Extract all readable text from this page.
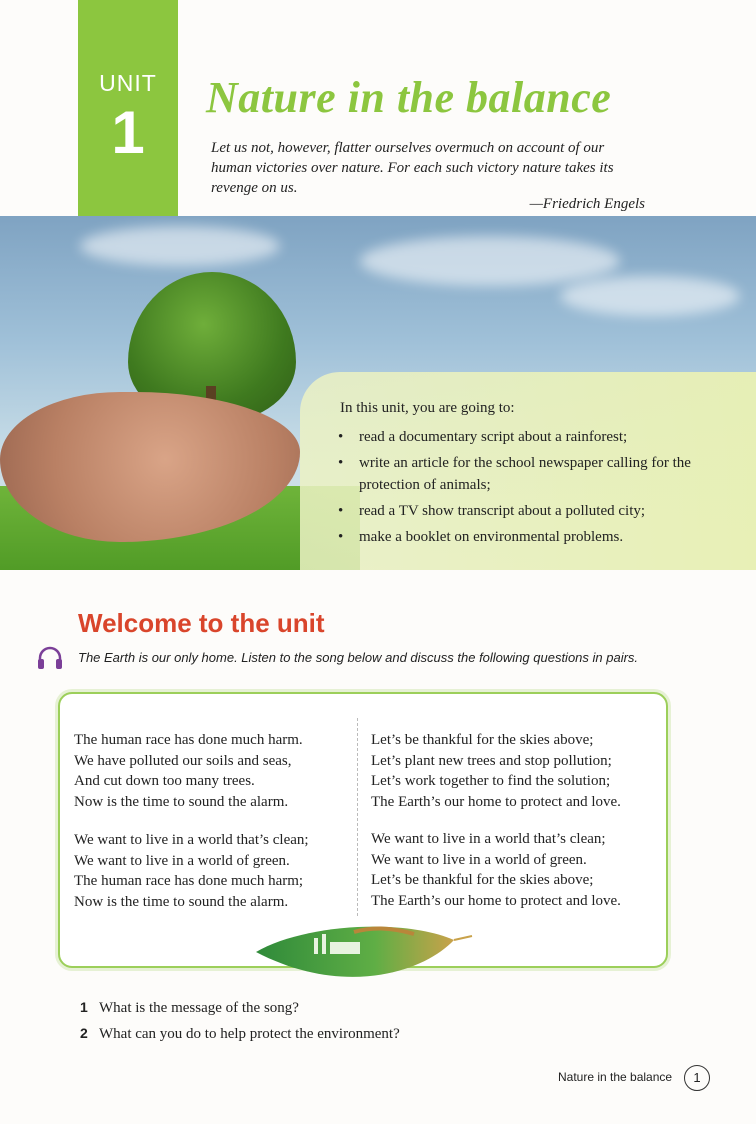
UNIT
1
Nature in the balance
Let us not, however, flatter ourselves overmuch on account of our human victories over nature. For each such victory nature takes its revenge on us.
—Friedrich Engels
In this unit, you are going to:
• read a documentary script about a rainforest;
• write an article for the school newspaper calling for the protection of animals;
• read a TV show transcript about a polluted city;
• make a booklet on environmental problems.
Welcome to the unit
The Earth is our only home. Listen to the song below and discuss the following questions in pairs.
The human race has done much harm.
We have polluted our soils and seas,
And cut down too many trees.
Now is the time to sound the alarm.
We want to live in a world that’s clean;
We want to live in a world of green.
The human race has done much harm;
Now is the time to sound the alarm.
Let’s be thankful for the skies above;
Let’s plant new trees and stop pollution;
Let’s work together to find the solution;
The Earth’s our home to protect and love.
We want to live in a world that’s clean;
We want to live in a world of green.
Let’s be thankful for the skies above;
The Earth’s our home to protect and love.
1 What is the message of the song?
2 What can you do to help protect the environment?
Nature in the balance	1
